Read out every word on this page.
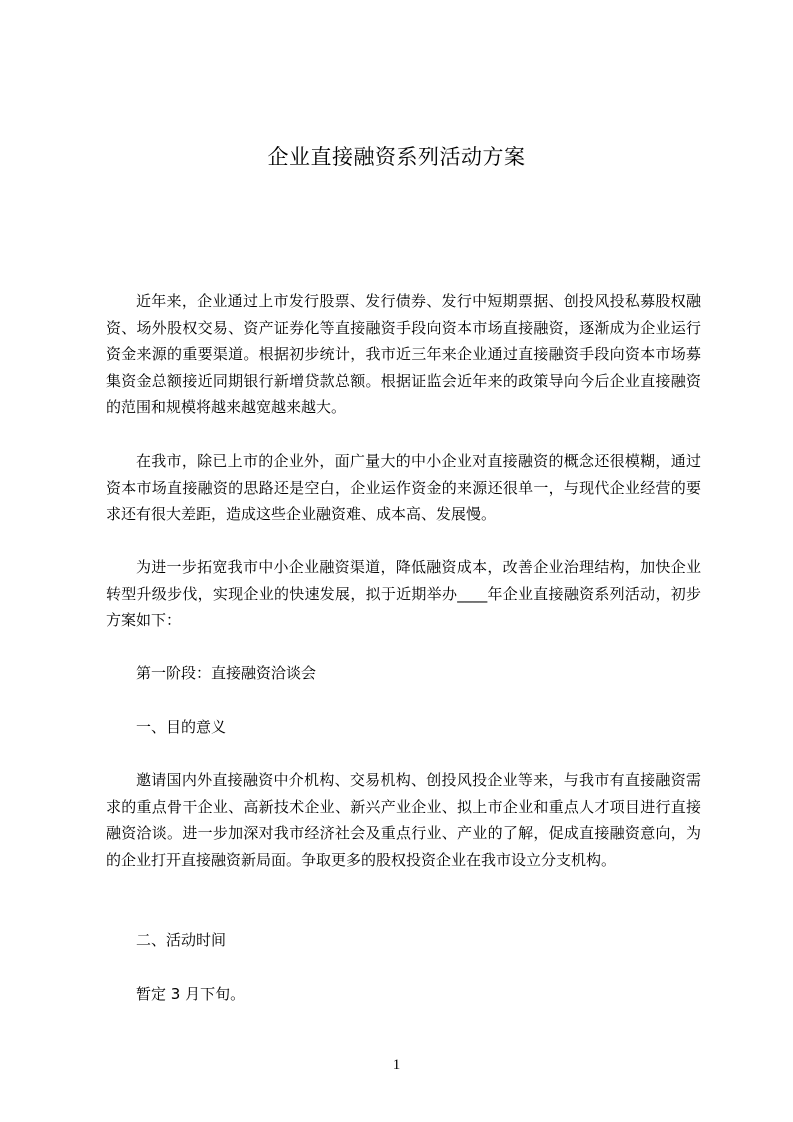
企业直接融资系列活动方案

近年来，企业通过上市发行股票、发行债券、发行中短期票据、创投风投私募股权融资、场外股权交易、资产证券化等直接融资手段向资本市场直接融资，逐渐成为企业运行资金来源的重要渠道。根据初步统计，我市近三年来企业通过直接融资手段向资本市场募集资金总额接近同期银行新增贷款总额。根据证监会近年来的政策导向今后企业直接融资的范围和规模将越来越宽越来越大。

在我市，除已上市的企业外，面广量大的中小企业对直接融资的概念还很模糊，通过资本市场直接融资的思路还是空白，企业运作资金的来源还很单一，与现代企业经营的要求还有很大差距，造成这些企业融资难、成本高、发展慢。

为进一步拓宽我市中小企业融资渠道，降低融资成本，改善企业治理结构，加快企业转型升级步伐，实现企业的快速发展，拟于近期举办____年企业直接融资系列活动，初步方案如下：

第一阶段：直接融资洽谈会

一、目的意义

邀请国内外直接融资中介机构、交易机构、创投风投企业等来，与我市有直接融资需求的重点骨干企业、高新技术企业、新兴产业企业、拟上市企业和重点人才项目进行直接融资洽谈。进一步加深对我市经济社会及重点行业、产业的了解，促成直接融资意向，为的企业打开直接融资新局面。争取更多的股权投资企业在我市设立分支机构。

二、活动时间

暂定 3 月下旬。

1
